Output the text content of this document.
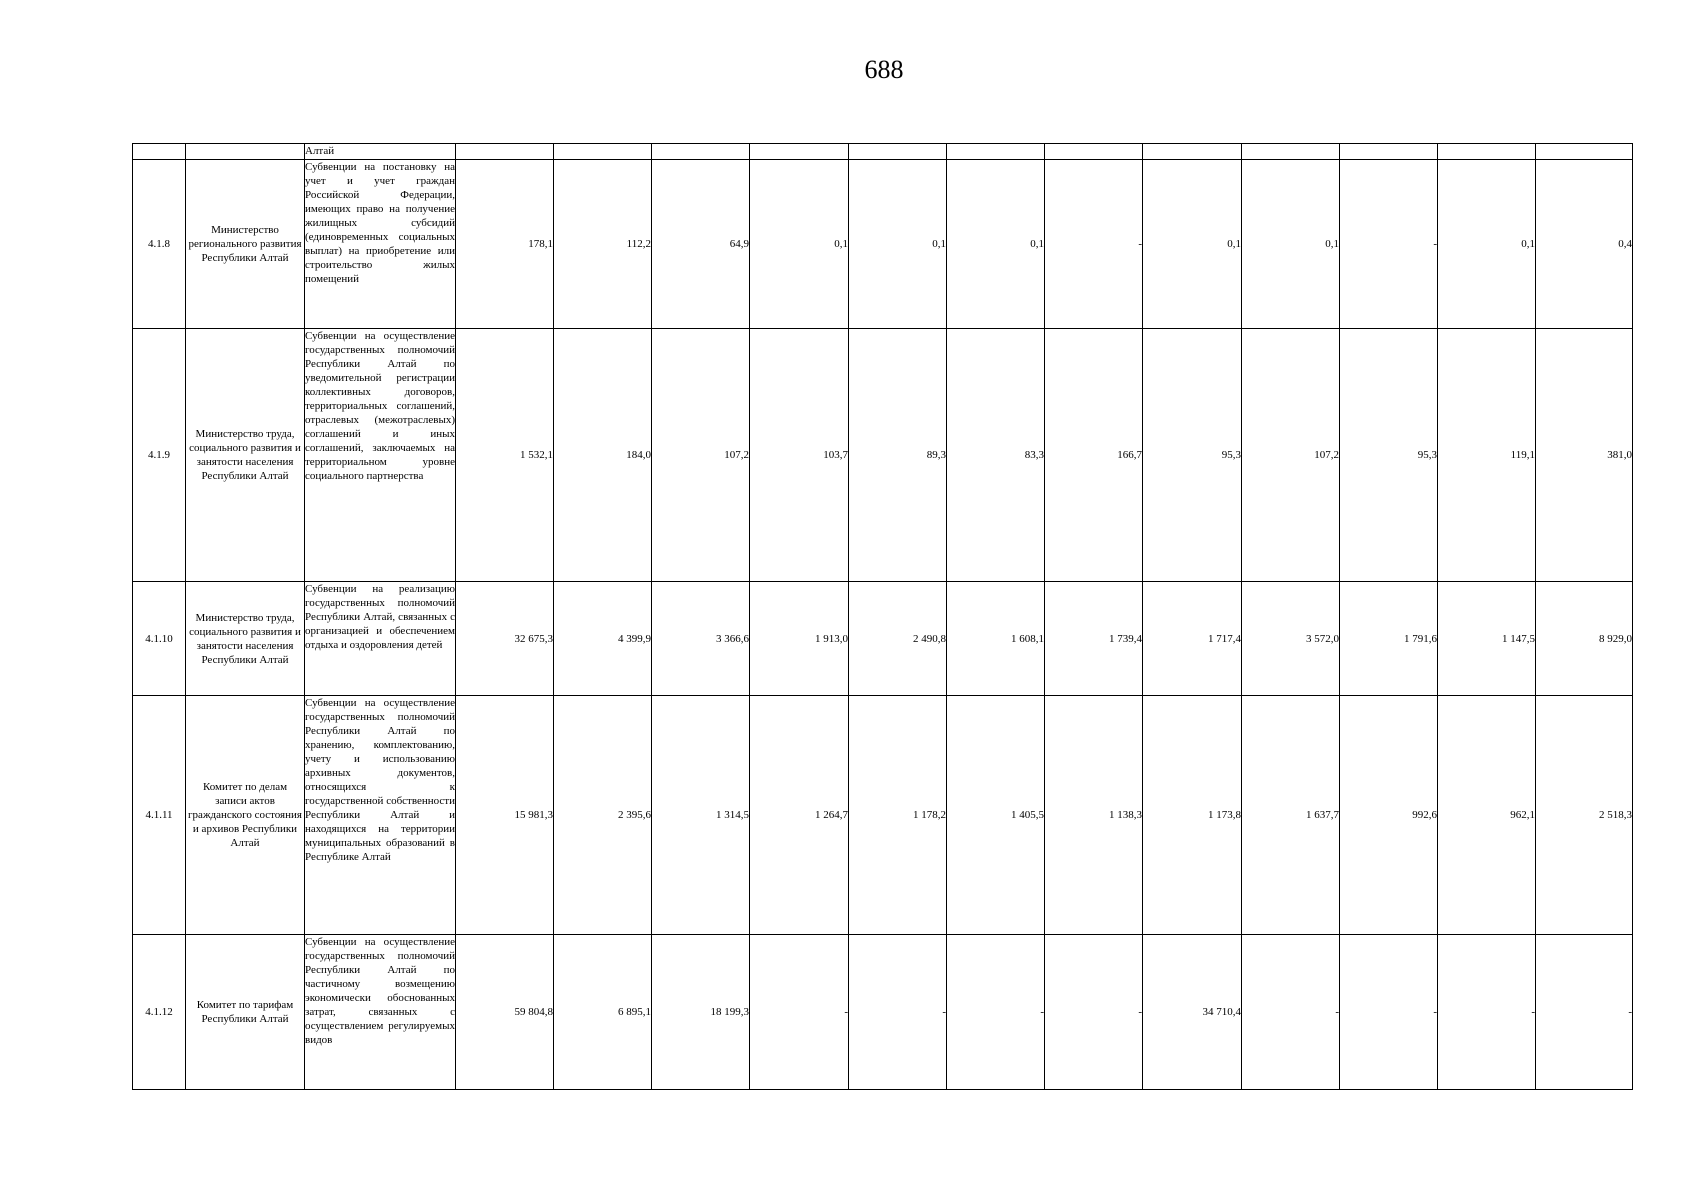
688

		Алтай												

4.1.8	Министерство регионального развития Республики Алтай	Субвенции на постановку на учет и учет граждан Российской Федерации, имеющих право на получение жилищных субсидий (единовременных социальных выплат) на приобретение или строительство жилых помещений	178,1	112,2	64,9	0,1	0,1	0,1	-	0,1	0,1	-	0,1	0,4
4.1.9	Министерство труда, социального развития и занятости населения Республики Алтай	Субвенции на осуществление государственных полномочий Республики Алтай по уведомительной регистрации коллективных договоров, территориальных соглашений, отраслевых (межотраслевых) соглашений и иных соглашений, заключаемых на территориальном уровне социального партнерства	1 532,1	184,0	107,2	103,7	89,3	83,3	166,7	95,3	107,2	95,3	119,1	381,0
4.1.10	Министерство труда, социального развития и занятости населения Республики Алтай	Субвенции на реализацию государственных полномочий Республики Алтай, связанных с организацией и обеспечением отдыха и оздоровления детей	32 675,3	4 399,9	3 366,6	1 913,0	2 490,8	1 608,1	1 739,4	1 717,4	3 572,0	1 791,6	1 147,5	8 929,0
4.1.11	Комитет по делам записи актов гражданского состояния и архивов Республики Алтай	Субвенции на осуществление государственных полномочий Республики Алтай по хранению, комплектованию, учету и использованию архивных документов, относящихся к государственной собственности Республики Алтай и находящихся на территории муниципальных образований в Республике Алтай	15 981,3	2 395,6	1 314,5	1 264,7	1 178,2	1 405,5	1 138,3	1 173,8	1 637,7	992,6	962,1	2 518,3
4.1.12	Комитет по тарифам Республики Алтай	Субвенции на осуществление государственных полномочий Республики Алтай по частичному возмещению экономически обоснованных затрат, связанных с осуществлением регулируемых видов	59 804,8	6 895,1	18 199,3	-	-	-	-	34 710,4	-	-	-	-
